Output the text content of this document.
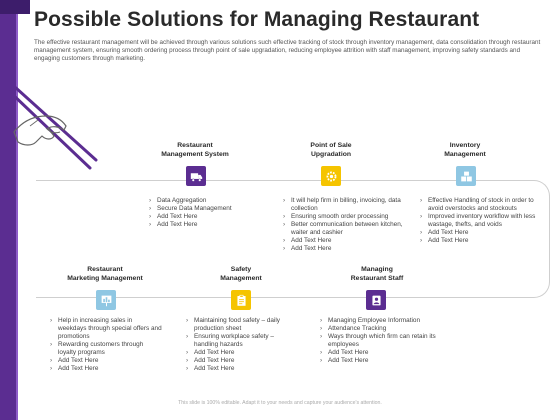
Possible Solutions for Managing Restaurant
The effective restaurant management will be achieved through various solutions such effective tracking of stock through inventory management, data consolidation through restaurant management system, ensuring smooth ordering process through point of sale upgradation, reducing employee attrition with staff management, improving safety standards and engaging customers through marketing.
Restaurant
Management System
› Data Aggregation
› Secure Data Management
› Add Text Here
› Add Text Here
Point of Sale
Upgradation
› It will help firm in billing, invoicing, data collection
› Ensuring smooth order processing
› Better communication between kitchen, waiter and cashier
› Add Text Here
› Add Text Here
Inventory
Management
› Effective Handling of stock in order to avoid overstocks and stockouts
› Improved inventory workflow with less wastage, thefts, and voids
› Add Text Here
› Add Text Here
Restaurant
Marketing Management
› Help in increasing sales in weekdays through special offers and promotions
› Rewarding customers through loyalty programs
› Add Text Here
› Add Text Here
Safety
Management
› Maintaining food safety – daily production sheet
› Ensuring workplace safety – handling hazards
› Add Text Here
› Add Text Here
› Add Text Here
Managing
Restaurant Staff
› Managing Employee Information
› Attendance Tracking
› Ways through which firm can retain its employees
› Add Text Here
› Add Text Here
This slide is 100% editable. Adapt it to your needs and capture your audience's attention.
